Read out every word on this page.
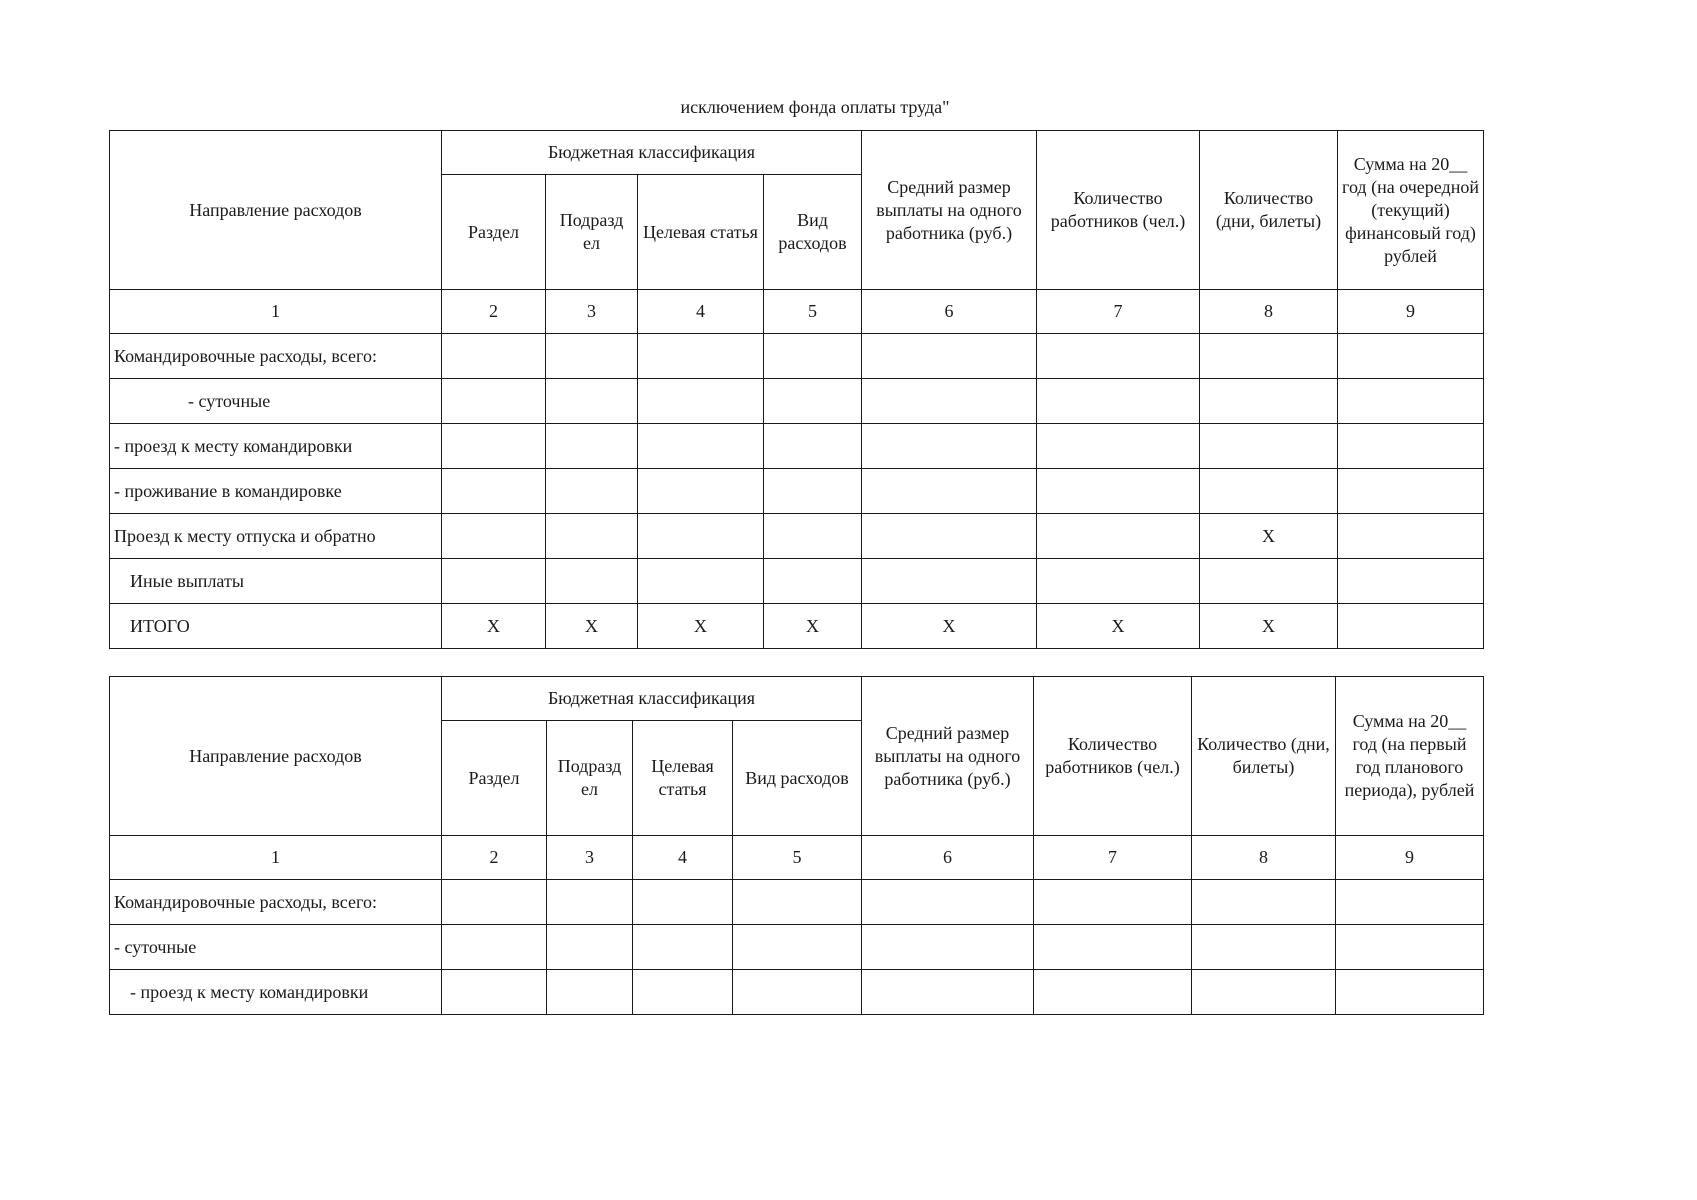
исключением фонда оплаты труда"
Направление расходов	Бюджетная классификация				Средний размер выплаты на одного работника (руб.)	Количество работников (чел.)	Количество (дни, билеты)	Сумма на 20__ год (на очередной (текущий) финансовый год) рублей
	Раздел	Подразд ел	Целевая статья	Вид расходов				
1	2	3	4	5	6	7	8	9
Командировочные расходы, всего:								
- суточные								
- проезд к месту командировки								
- проживание в командировке								
Проезд к месту отпуска и обратно							X	
Иные выплаты								
ИТОГО	X	X	X	X	X	X	X	
Направление расходов	Бюджетная классификация				Средний размер выплаты на одного работника (руб.)	Количество работников (чел.)	Количество (дни, билеты)	Сумма на 20__ год (на первый год планового периода), рублей
	Раздел	Подразд ел	Целевая статья	Вид расходов				
1	2	3	4	5	6	7	8	9
Командировочные расходы, всего:								
- суточные								
- проезд к месту командировки								
